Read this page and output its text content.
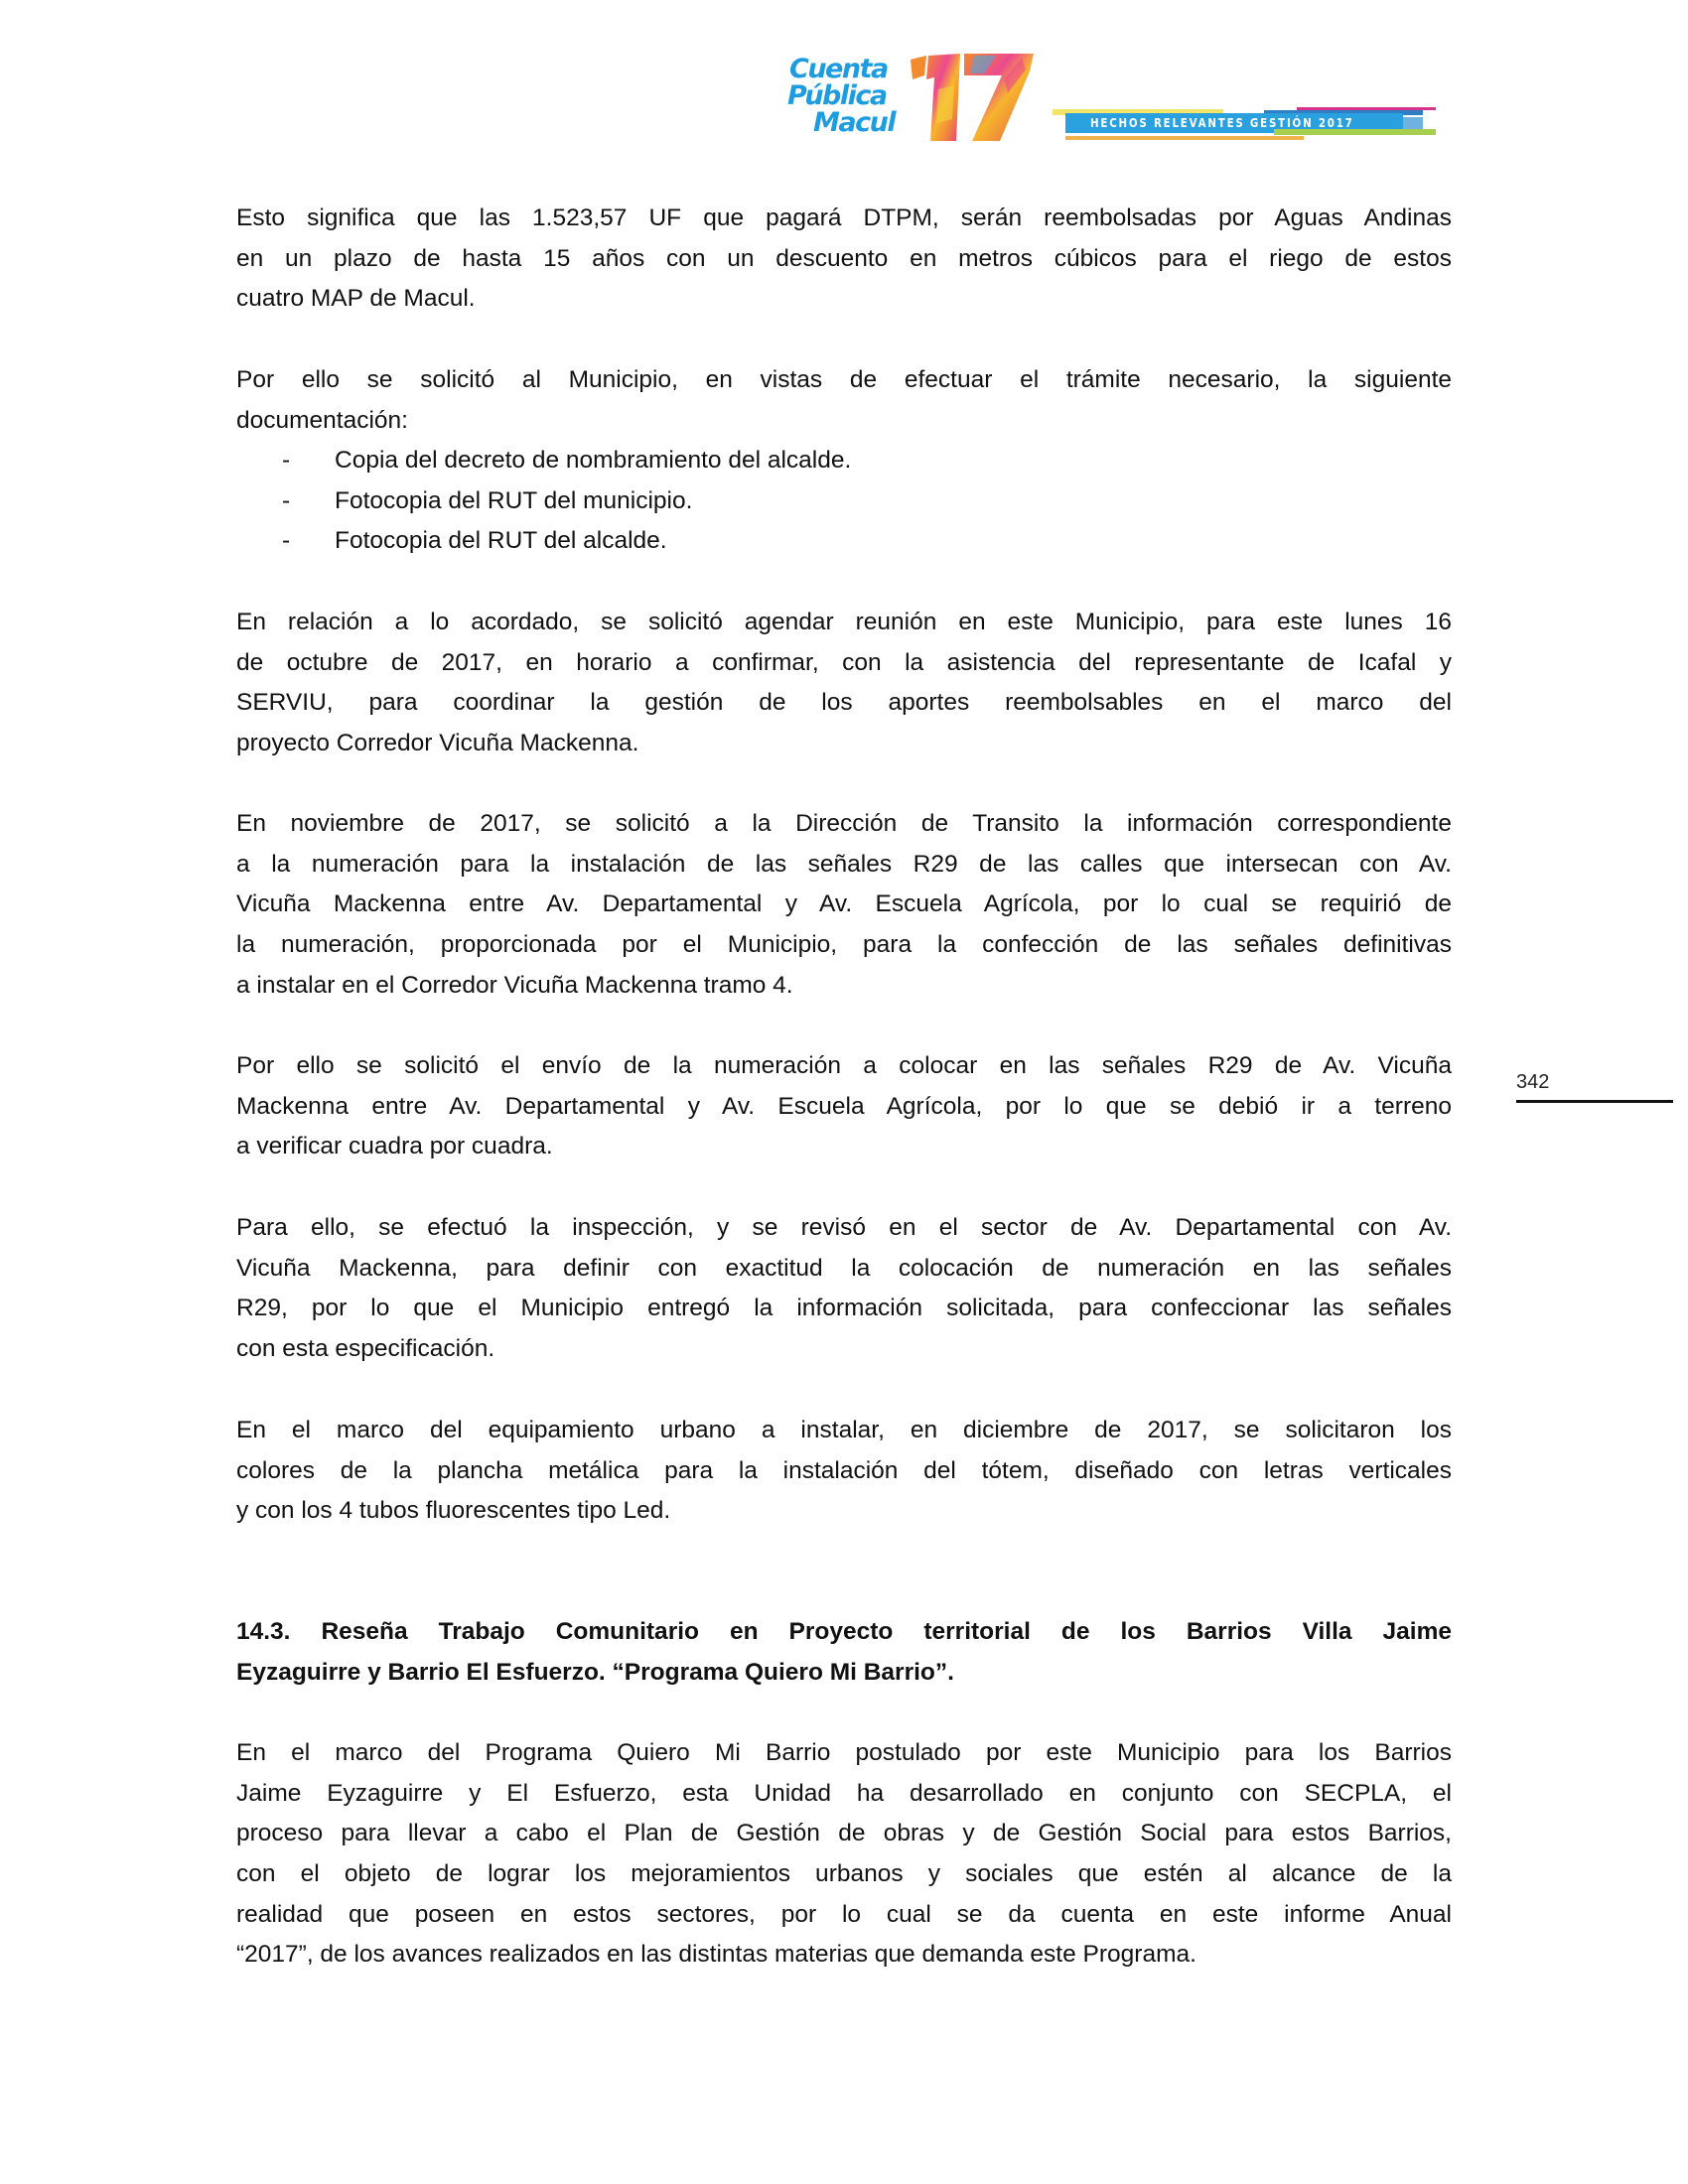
Cuenta
Pública
Macul	HECHOS RELEVANTES GESTIÓN 2017
Esto significa que las 1.523,57 UF que pagará DTPM, serán reembolsadas por Aguas Andinas
en un plazo de hasta 15 años con un descuento en metros cúbicos para el riego de estos
cuatro MAP de Macul.
Por ello se solicitó al Municipio, en vistas de efectuar el trámite necesario, la siguiente
documentación:
- Copia del decreto de nombramiento del alcalde.
- Fotocopia del RUT del municipio.
- Fotocopia del RUT del alcalde.
En relación a lo acordado, se solicitó agendar reunión en este Municipio, para este lunes 16
de octubre de 2017, en horario a confirmar, con la asistencia del representante de Icafal y
SERVIU, para coordinar la gestión de los aportes reembolsables en el marco del
proyecto Corredor Vicuña Mackenna.
En noviembre de 2017, se solicitó a la Dirección de Transito la información correspondiente
a la numeración para la instalación de las señales R29 de las calles que intersecan con Av.
Vicuña Mackenna entre Av. Departamental y Av. Escuela Agrícola, por lo cual se requirió de
la numeración, proporcionada por el Municipio, para la confección de las señales definitivas
a instalar en el Corredor Vicuña Mackenna tramo 4.
Por ello se solicitó el envío de la numeración a colocar en las señales R29 de Av. Vicuña
Mackenna entre Av. Departamental y Av. Escuela Agrícola, por lo que se debió ir a terreno
a verificar cuadra por cuadra.
Para ello, se efectuó la inspección, y se revisó en el sector de Av. Departamental con Av.
Vicuña Mackenna, para definir con exactitud la colocación de numeración en las señales
R29, por lo que el Municipio entregó la información solicitada, para confeccionar las señales
con esta especificación.
En el marco del equipamiento urbano a instalar, en diciembre de 2017, se solicitaron los
colores de la plancha metálica para la instalación del tótem, diseñado con letras verticales
y con los 4 tubos fluorescentes tipo Led.
14.3. Reseña Trabajo Comunitario en Proyecto territorial de los Barrios Villa Jaime
Eyzaguirre y Barrio El Esfuerzo. “Programa Quiero Mi Barrio”.
En el marco del Programa Quiero Mi Barrio postulado por este Municipio para los Barrios
Jaime Eyzaguirre y El Esfuerzo, esta Unidad ha desarrollado en conjunto con SECPLA, el
proceso para llevar a cabo el Plan de Gestión de obras y de Gestión Social para estos Barrios,
con el objeto de lograr los mejoramientos urbanos y sociales que estén al alcance de la
realidad que poseen en estos sectores, por lo cual se da cuenta en este informe Anual
“2017”, de los avances realizados en las distintas materias que demanda este Programa.
342
